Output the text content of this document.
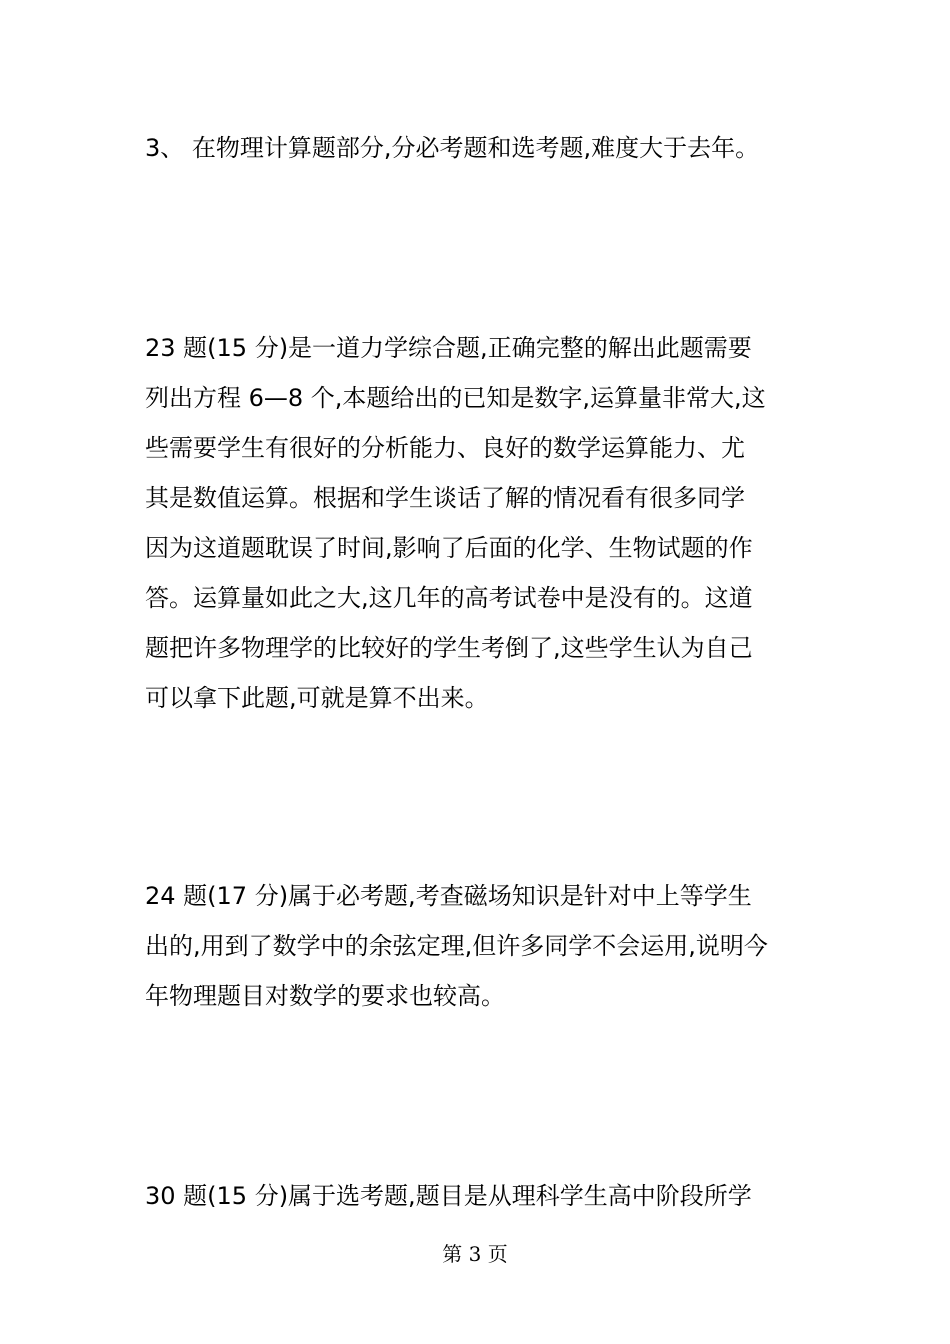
3、 在物理计算题部分,分必考题和选考题,难度大于去年。
23 题(15 分)是一道力学综合题,正确完整的解出此题需要
列出方程 6—8 个,本题给出的已知是数字,运算量非常大,这
些需要学生有很好的分析能力、良好的数学运算能力、尤
其是数值运算。根据和学生谈话了解的情况看有很多同学
因为这道题耽误了时间,影响了后面的化学、生物试题的作
答。运算量如此之大,这几年的高考试卷中是没有的。这道
题把许多物理学的比较好的学生考倒了,这些学生认为自己
可以拿下此题,可就是算不出来。
24 题(17 分)属于必考题,考查磁场知识是针对中上等学生
出的,用到了数学中的余弦定理,但许多同学不会运用,说明今
年物理题目对数学的要求也较高。
30 题(15 分)属于选考题,题目是从理科学生高中阶段所学
第 3 页
